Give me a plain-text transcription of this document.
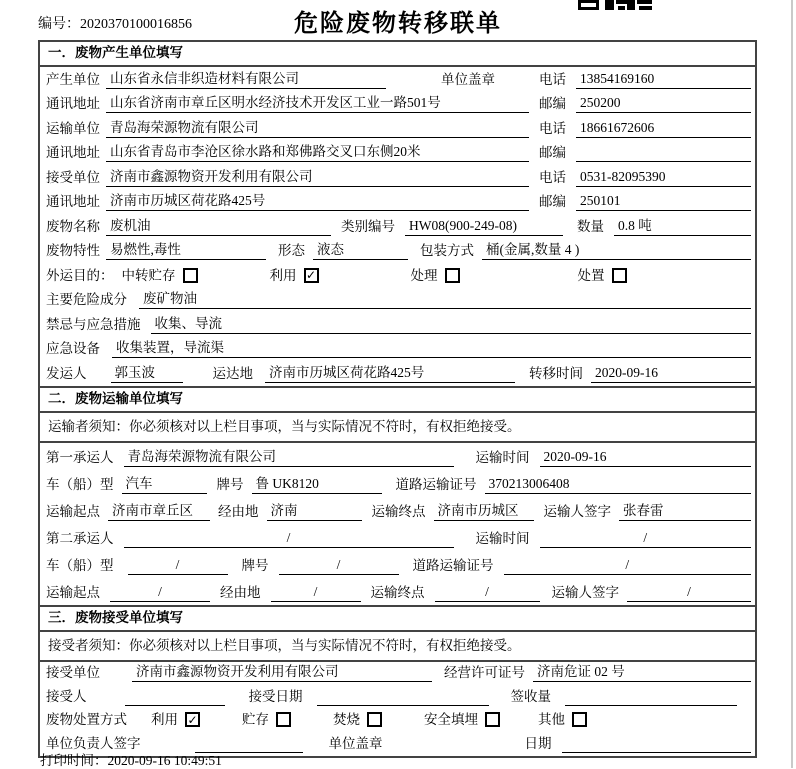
编号：2020370100016856	危险废物转移联单
一．废物产生单位填写
产生单位 山东省永信非织造材料有限公司	单位盖章	电话 13854169160
通讯地址 山东省济南市章丘区明水经济技术开发区工业一路501号	邮编 250200
运输单位 青岛海荣源物流有限公司	电话 18661672606
通讯地址 山东省青岛市李沧区徐水路和郑佛路交叉口东侧20米	邮编
接受单位 济南市鑫源物资开发利用有限公司	电话 0531-82095390
通讯地址 济南市历城区荷花路425号	邮编 250101
废物名称 废机油	类别编号 HW08(900-249-08)	数量 0.8 吨
废物特性 易燃性,毒性	形态 液态	包装方式 桶(金属,数量 4 )
外运目的： 中转贮存	利用 ✓	处理	处置
主要危险成分 废矿物油
禁忌与应急措施 收集、导流
应急设备 收集装置，导流渠
发运人 郭玉波	运达地 济南市历城区荷花路425号	转移时间 2020-09-16
二．废物运输单位填写
运输者须知：你必须核对以上栏目事项，当与实际情况不符时，有权拒绝接受。
第一承运人 青岛海荣源物流有限公司	运输时间 2020-09-16
车（船）型 汽车	牌号 鲁 UK8120	道路运输证号 370213006408
运输起点 济南市章丘区	经由地 济南	运输终点 济南市历城区	运输人签字 张春雷
第二承运人	/	运输时间	/
车（船）型	/	牌号	/	道路运输证号	/
运输起点	/	经由地	/	运输终点	/	运输人签字	/
三．废物接受单位填写
接受者须知：你必须核对以上栏目事项，当与实际情况不符时，有权拒绝接受。
接受单位	济南市鑫源物资开发利用有限公司	经营许可证号 济南危证 02 号
接受人	接受日期	签收量
废物处置方式 利用 ✓	贮存	焚烧	安全填埋	其他
单位负责人签字	单位盖章	日期
打印时间：2020-09-16 10:49:51
